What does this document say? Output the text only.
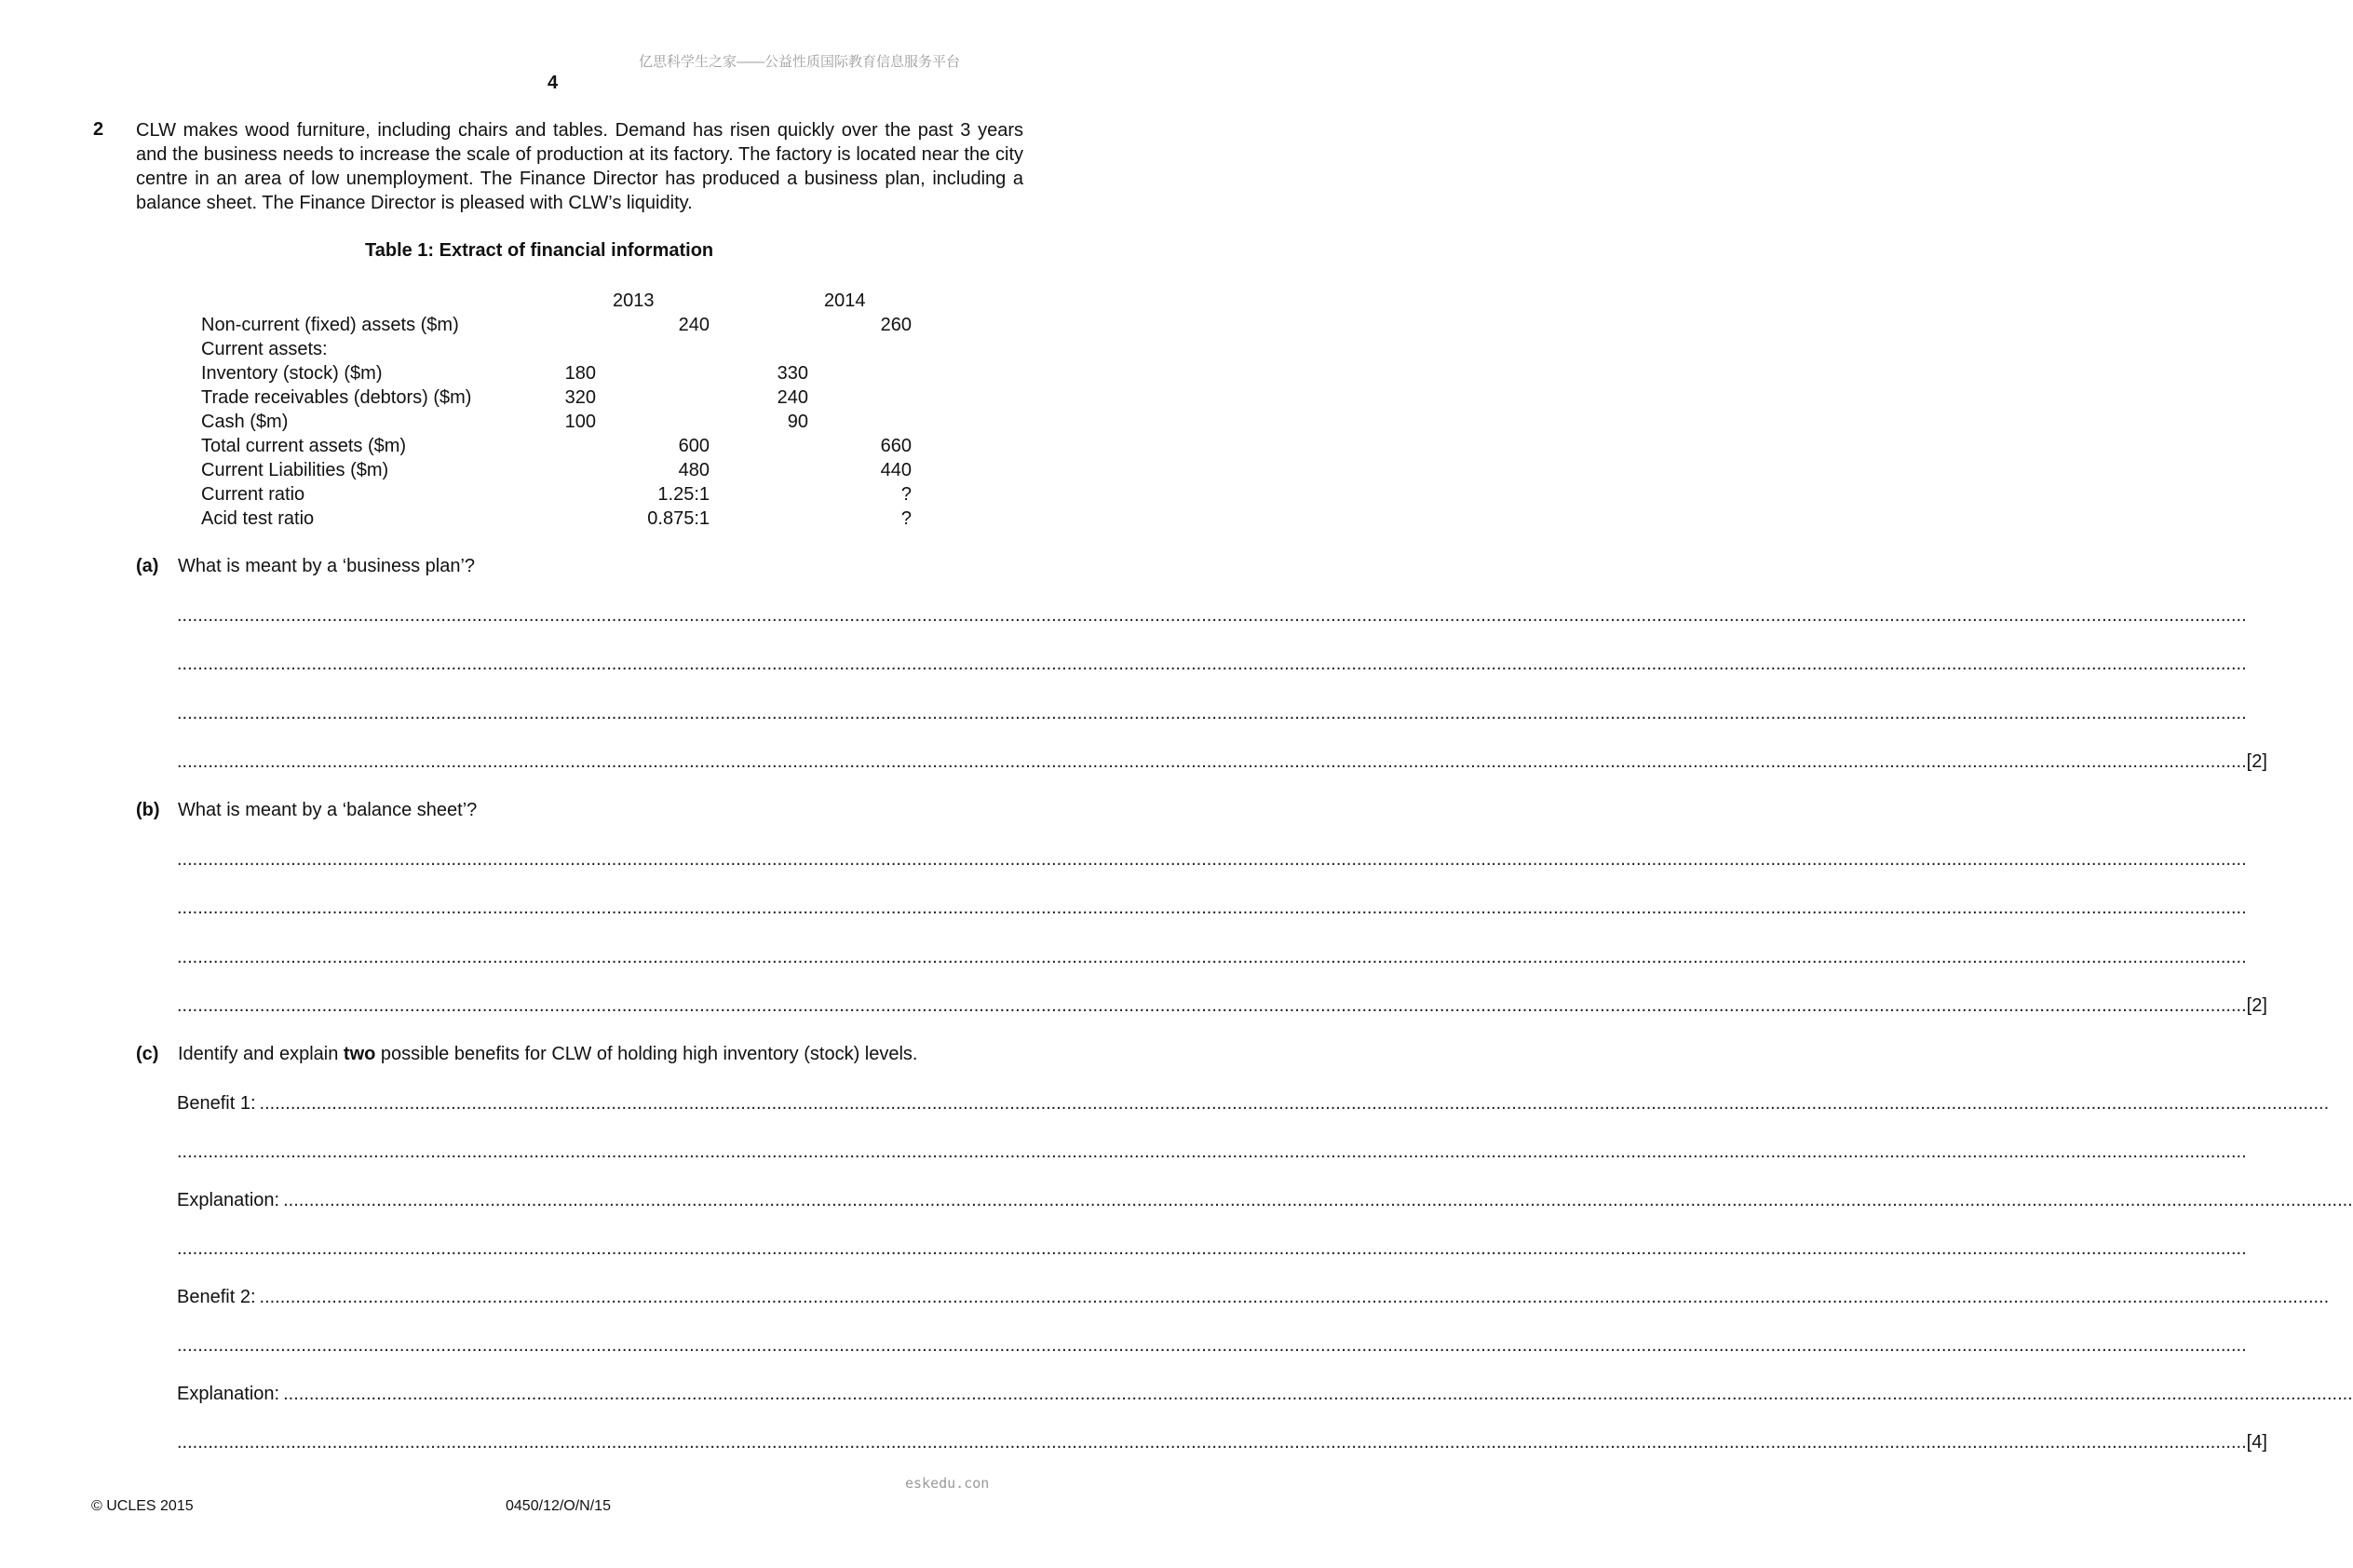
亿思科学生之家——公益性质国际教育信息服务平台
4
2 CLW makes wood furniture, including chairs and tables. Demand has risen quickly over the past 3 years and the business needs to increase the scale of production at its factory. The factory is located near the city centre in an area of low unemployment. The Finance Director has produced a business plan, including a balance sheet. The Finance Director is pleased with CLW’s liquidity.

Table 1: Extract of financial information
2013	2014
Non-current (fixed) assets ($m)	240	260
Current assets:
Inventory (stock) ($m)	180	330
Trade receivables (debtors) ($m)	320	240
Cash ($m)	100	90
Total current assets ($m)	600	660
Current Liabilities ($m)	480	440
Current ratio	1.25:1	?
Acid test ratio	0.875:1	?
(a) What is meant by a ‘business plan’?
................................................................................................................................................................................................................................................................................................................................................................................................................
................................................................................................................................................................................................................................................................................................................................................................................................................
................................................................................................................................................................................................................................................................................................................................................................................................................
................................................................................................................................................................................................................................................................................................................................................................................................................ [2]
(b) What is meant by a ‘balance sheet’?
................................................................................................................................................................................................................................................................................................................................................................................................................
................................................................................................................................................................................................................................................................................................................................................................................................................
................................................................................................................................................................................................................................................................................................................................................................................................................
................................................................................................................................................................................................................................................................................................................................................................................................................ [2]
(c) Identify and explain two possible benefits for CLW of holding high inventory (stock) levels.
Benefit 1: ................................................................................................................................................................................................................................................................................................................................................................................................................
................................................................................................................................................................................................................................................................................................................................................................................................................
Explanation: ................................................................................................................................................................................................................................................................................................................................................................................................................
................................................................................................................................................................................................................................................................................................................................................................................................................
Benefit 2: ................................................................................................................................................................................................................................................................................................................................................................................................................
................................................................................................................................................................................................................................................................................................................................................................................................................
Explanation: ................................................................................................................................................................................................................................................................................................................................................................................................................
................................................................................................................................................................................................................................................................................................................................................................................................................ [4]
eskedu.con
© UCLES 2015	0450/12/O/N/15
